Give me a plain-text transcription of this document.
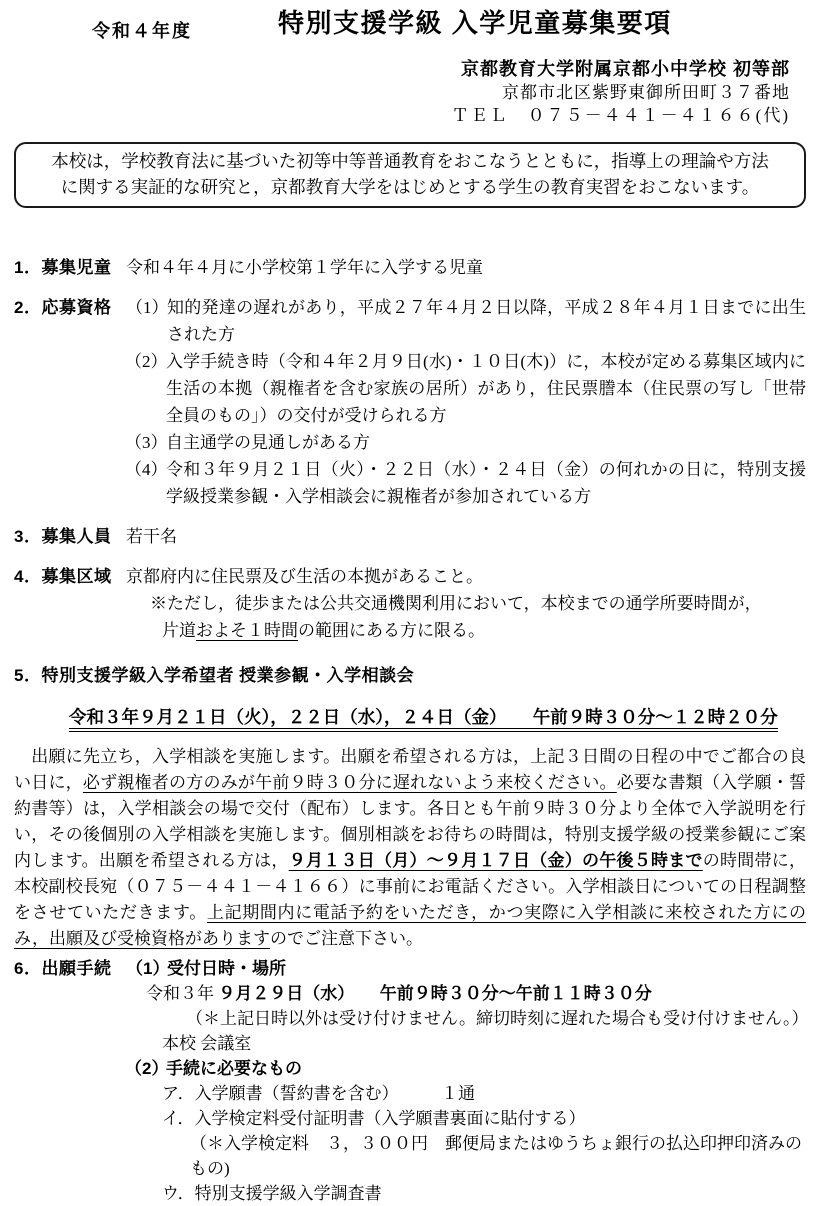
令和４年度	特別支援学級 入学児童募集要項
京都教育大学附属京都小中学校 初等部
京都市北区紫野東御所田町３７番地
ＴＥＬ　０７５－４４１－４１６６(代)
本校は，学校教育法に基づいた初等中等普通教育をおこなうとともに，指導上の理論や方法
に関する実証的な研究と，京都教育大学をはじめとする学生の教育実習をおこないます。
1．募集児童 令和４年４月に小学校第１学年に入学する児童
2．応募資格 （1）
知的発達の遅れがあり，平成２７年４月２日以降，平成２８年４月１日までに出生された方
（2）
入学手続き時（令和４年２月９日(水)・１０日(木)）に，本校が定める募集区域内に生活の本拠（親権者を含む家族の居所）があり，住民票謄本（住民票の写し「世帯全員のもの」）の交付が受けられる方
（3）
自主通学の見通しがある方
（4）
令和３年９月２１日（火）・２２日（水）・２４日（金）の何れかの日に，特別支援学級授業参観・入学相談会に親権者が参加されている方
3．募集人員 若干名
4．募集区域 京都府内に住民票及び生活の本拠があること。
※ただし，徒歩または公共交通機関利用において，本校までの通学所要時間が，
片道およそ１時間の範囲にある方に限る。
5．特別支援学級入学希望者 授業参観・入学相談会
令和３年９月２１日（火），２２日（水），２４日（金）　　午前９時３０分～１２時２０分
　出願に先立ち，入学相談を実施します。出願を希望される方は，上記３日間の日程の中でご都合の良い日に，必ず親権者の方のみが午前９時３０分に遅れないよう来校ください。必要な書類（入学願・誓約書等）は，入学相談会の場で交付（配布）します。各日とも午前９時３０分より全体で入学説明を行い，その後個別の入学相談を実施します。個別相談をお待ちの時間は，特別支援学級の授業参観にご案内します。出願を希望される方は，９月１３日（月）～９月１７日（金）の午後５時までの時間帯に，本校副校長宛（０７５－４４１－４１６６）に事前にお電話ください。入学相談日についての日程調整をさせていただきます。上記期間内に電話予約をいただき，かつ実際に入学相談に来校された方にのみ，出願及び受検資格がありますのでご注意下さい。
6．出願手続 （1）
受付日時・場所
令和３年 ９月２９日（水）　　午前９時３０分～午前１１時３０分
（＊上記日時以外は受け付けません。締切時刻に遅れた場合も受け付けません。）
本校 会議室
（2）
手続に必要なもの
ア．入学願書（誓約書を含む）　　　１通
イ．入学検定料受付証明書（入学願書裏面に貼付する）
（＊入学検定料　３，３００円　郵便局またはゆうちょ銀行の払込印押印済みのもの)
ウ．特別支援学級入学調査書
